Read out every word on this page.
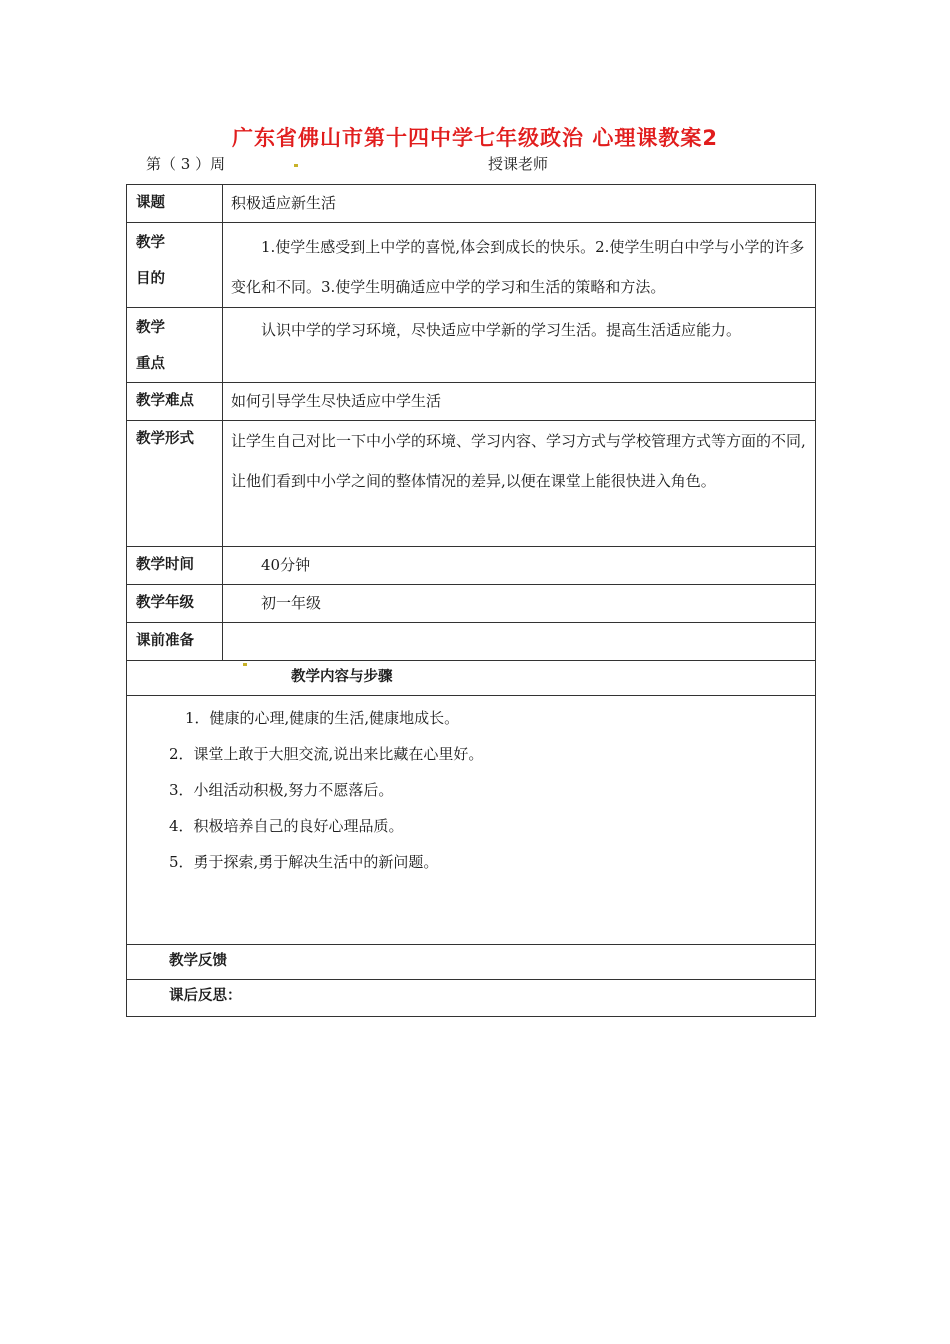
广东省佛山市第十四中学七年级政治 心理课教案2
第（ 3 ）周	授课老师
课题	积极适应新生活

教学
目的	1.使学生感受到上中学的喜悦,体会到成长的快乐。2.使学生明白中学与小学的许多变化和不同。3.使学生明确适应中学的学习和生活的策略和方法。

教学
重点	认识中学的学习环境，尽快适应中学新的学习生活。提高生活适应能力。
教学难点	如何引导学生尽快适应中学生活
教学形式	让学生自己对比一下中小学的环境、学习内容、学习方式与学校管理方式等方面的不同,让他们看到中小学之间的整体情况的差异,以便在课堂上能很快进入角色。
教学时间	40分钟
教学年级	初一年级
课前准备	
教学内容与步骤	

1．健康的心理,健康的生活,健康地成长。
2．课堂上敢于大胆交流,说出来比藏在心里好。
3．小组活动积极,努力不愿落后。
4．积极培养自己的良好心理品质。
5．勇于探索,勇于解决生活中的新问题。	

教学反馈	
课后反思：	
